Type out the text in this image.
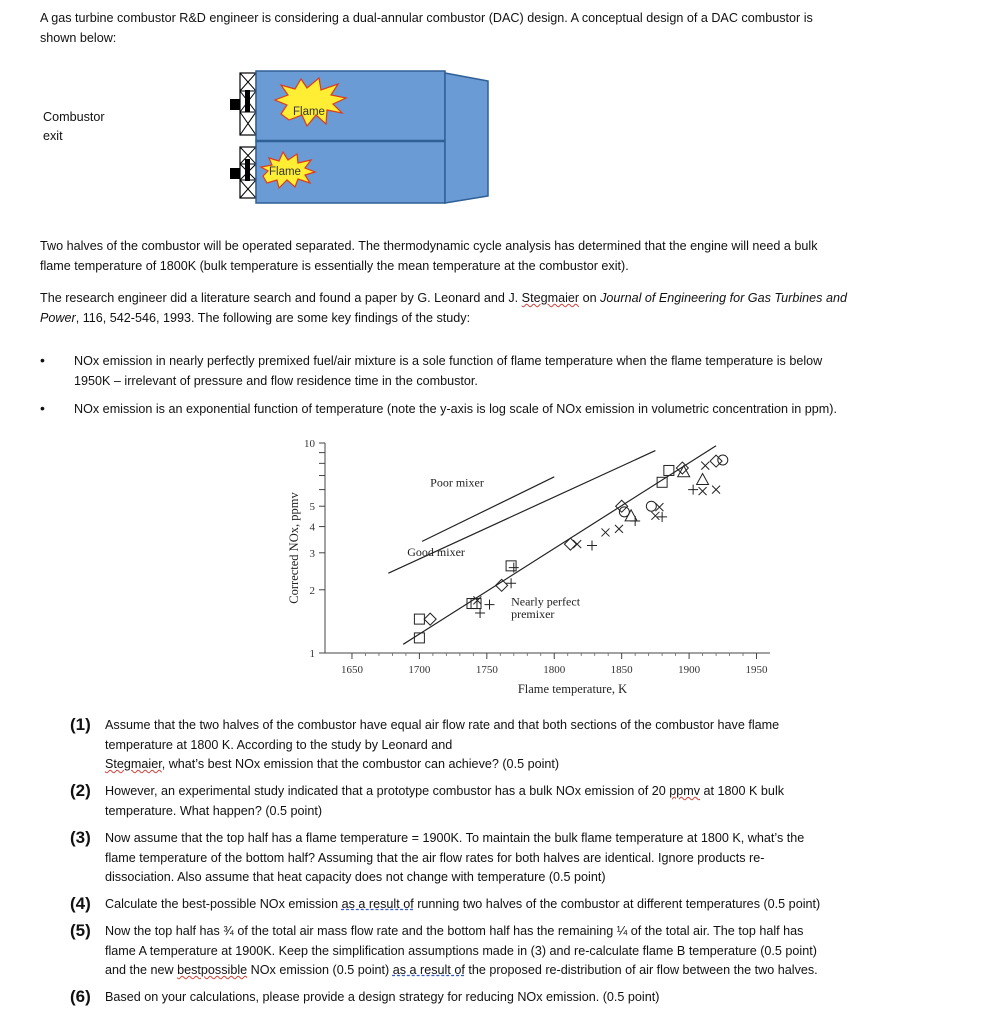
A gas turbine combustor R&D engineer is considering a dual-annular combustor (DAC) design. A conceptual design of a DAC combustor is
shown below:
Combustor
exit
Flame
Flame
Two halves of the combustor will be operated separated. The thermodynamic cycle analysis has determined that the engine will need a bulk
flame temperature of 1800K (bulk temperature is essentially the mean temperature at the combustor exit).
The research engineer did a literature search and found a paper by G. Leonard and J. Stegmaier on Journal of Engineering for Gas Turbines and
Power, 116, 542-546, 1993. The following are some key findings of the study:
• NOx emission in nearly perfectly premixed fuel/air mixture is a sole function of flame temperature when the flame temperature is below
1950K – irrelevant of pressure and flow residence time in the combustor.
• NOx emission is an exponential function of temperature (note the y-axis is log scale of NOx emission in volumetric concentration in ppm).
1
2
3
4
5
10
1650	1700	1750	1800	1850	1900	1950
Flame temperature, K
Corrected NOx, ppmv
Poor mixer
Good mixer
Nearly perfect
premixer
(1) Assume that the two halves of the combustor have equal air flow rate and that both sections of the combustor have flame
temperature at 1800 K. According to the study by Leonard and
Stegmaier, what’s best NOx emission that the combustor can achieve? (0.5 point)
(2) However, an experimental study indicated that a prototype combustor has a bulk NOx emission of 20 ppmv at 1800 K bulk
temperature. What happen? (0.5 point)
(3) Now assume that the top half has a flame temperature = 1900K. To maintain the bulk flame temperature at 1800 K, what’s the
flame temperature of the bottom half? Assuming that the air flow rates for both halves are identical. Ignore products re-
dissociation. Also assume that heat capacity does not change with temperature (0.5 point)
(4) Calculate the best-possible NOx emission as a result of running two halves of the combustor at different temperatures (0.5 point)
(5) Now the top half has ¾ of the total air mass flow rate and the bottom half has the remaining ¼ of the total air. The top half has
flame A temperature at 1900K. Keep the simplification assumptions made in (3) and re-calculate flame B temperature (0.5 point)
and the new bestpossible NOx emission (0.5 point) as a result of the proposed re-distribution of air flow between the two halves.
(6) Based on your calculations, please provide a design strategy for reducing NOx emission. (0.5 point)
